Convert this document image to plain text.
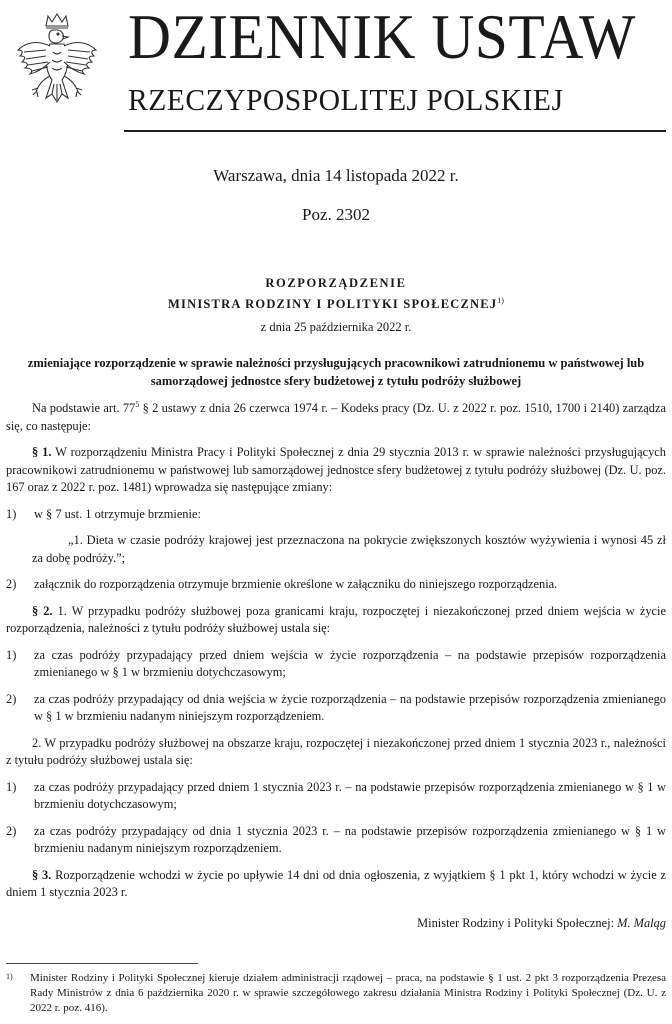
DZIENNIK USTAW
RZECZYPOSPOLITEJ POLSKIEJ
Warszawa, dnia 14 listopada 2022 r.
Poz. 2302
ROZPORZĄDZENIE
MINISTRA RODZINY I POLITYKI SPOŁECZNEJ$^{1)}$
z dnia 25 października 2022 r.
zmieniające rozporządzenie w sprawie należności przysługujących pracownikowi zatrudnionemu w państwowej lub samorządowej jednostce sfery budżetowej z tytułu podróży służbowej

Na podstawie art. $77^5$ § 2 ustawy z dnia 26 czerwca 1974 r. – Kodeks pracy (Dz. U. z 2022 r. poz. 1510, 1700 i 2140) zarządza się, co następuje:

§ 1. W rozporządzeniu Ministra Pracy i Polityki Społecznej z dnia 29 stycznia 2013 r. w sprawie należności przysługujących pracownikowi zatrudnionemu w państwowej lub samorządowej jednostce sfery budżetowej z tytułu podróży służbowej (Dz. U. poz. 167 oraz z 2022 r. poz. 1481) wprowadza się następujące zmiany:

1)	w § 7 ust. 1 otrzymuje brzmienie:

„1. Dieta w czasie podróży krajowej jest przeznaczona na pokrycie zwiększonych kosztów wyżywienia i wynosi 45 zł za dobę podróży.”;

2)	załącznik do rozporządzenia otrzymuje brzmienie określone w załączniku do niniejszego rozporządzenia.

§ 2. 1. W przypadku podróży służbowej poza granicami kraju, rozpoczętej i niezakończonej przed dniem wejścia w życie rozporządzenia, należności z tytułu podróży służbowej ustala się:

1)	za czas podróży przypadający przed dniem wejścia w życie rozporządzenia – na podstawie przepisów rozporządzenia zmienianego w § 1 w brzmieniu dotychczasowym;
2)	za czas podróży przypadający od dnia wejścia w życie rozporządzenia – na podstawie przepisów rozporządzenia zmienianego w § 1 w brzmieniu nadanym niniejszym rozporządzeniem.

2. W przypadku podróży służbowej na obszarze kraju, rozpoczętej i niezakończonej przed dniem 1 stycznia 2023 r., należności z tytułu podróży służbowej ustala się:

1)	za czas podróży przypadający przed dniem 1 stycznia 2023 r. – na podstawie przepisów rozporządzenia zmienianego w § 1 w brzmieniu dotychczasowym;
2)	za czas podróży przypadający od dnia 1 stycznia 2023 r. – na podstawie przepisów rozporządzenia zmienianego w § 1 w brzmieniu nadanym niniejszym rozporządzeniem.

§ 3. Rozporządzenie wchodzi w życie po upływie 14 dni od dnia ogłoszenia, z wyjątkiem § 1 pkt 1, który wchodzi w życie z dniem 1 stycznia 2023 r.

Minister Rodziny i Polityki Społecznej: M. Maląg
1)	Minister Rodziny i Polityki Społecznej kieruje działem administracji rządowej – praca, na podstawie § 1 ust. 2 pkt 3 rozporządzenia Prezesa Rady Ministrów z dnia 6 października 2020 r. w sprawie szczegółowego zakresu działania Ministra Rodziny i Polityki Społecznej (Dz. U. z 2022 r. poz. 416).
